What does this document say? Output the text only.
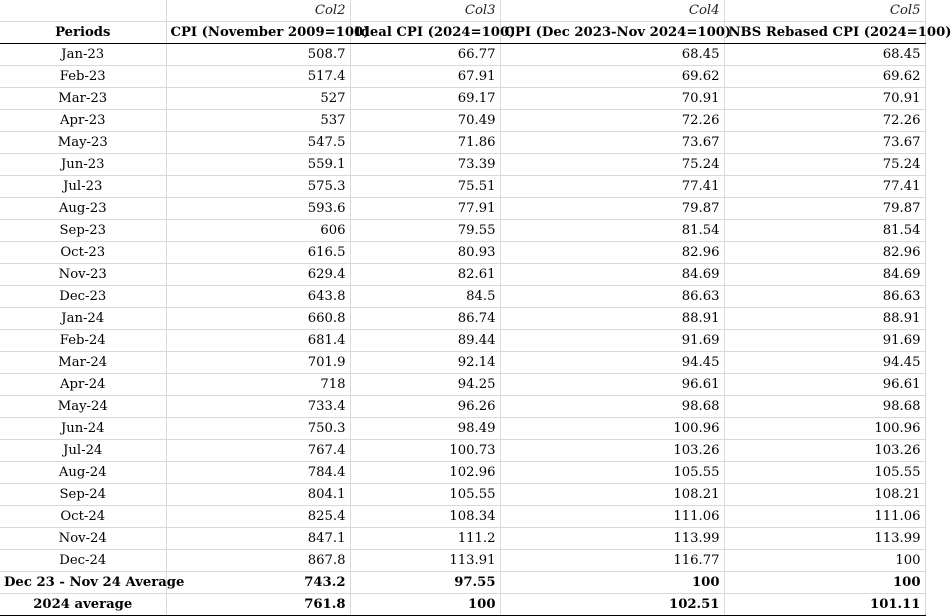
	Col2	Col3	Col4	Col5
Periods	CPI (November 2009=100)	Ideal CPI (2024=100)	CPI (Dec 2023-Nov 2024=100)	NBS Rebased CPI (2024=100)
Jan-23	508.7	66.77	68.45	68.45
Feb-23	517.4	67.91	69.62	69.62
Mar-23	527	69.17	70.91	70.91
Apr-23	537	70.49	72.26	72.26
May-23	547.5	71.86	73.67	73.67
Jun-23	559.1	73.39	75.24	75.24
Jul-23	575.3	75.51	77.41	77.41
Aug-23	593.6	77.91	79.87	79.87
Sep-23	606	79.55	81.54	81.54
Oct-23	616.5	80.93	82.96	82.96
Nov-23	629.4	82.61	84.69	84.69
Dec-23	643.8	84.5	86.63	86.63
Jan-24	660.8	86.74	88.91	88.91
Feb-24	681.4	89.44	91.69	91.69
Mar-24	701.9	92.14	94.45	94.45
Apr-24	718	94.25	96.61	96.61
May-24	733.4	96.26	98.68	98.68
Jun-24	750.3	98.49	100.96	100.96
Jul-24	767.4	100.73	103.26	103.26
Aug-24	784.4	102.96	105.55	105.55
Sep-24	804.1	105.55	108.21	108.21
Oct-24	825.4	108.34	111.06	111.06
Nov-24	847.1	111.2	113.99	113.99
Dec-24	867.8	113.91	116.77	100
Dec 23 - Nov 24 Average	743.2	97.55	100	100
2024 average	761.8	100	102.51	101.11
